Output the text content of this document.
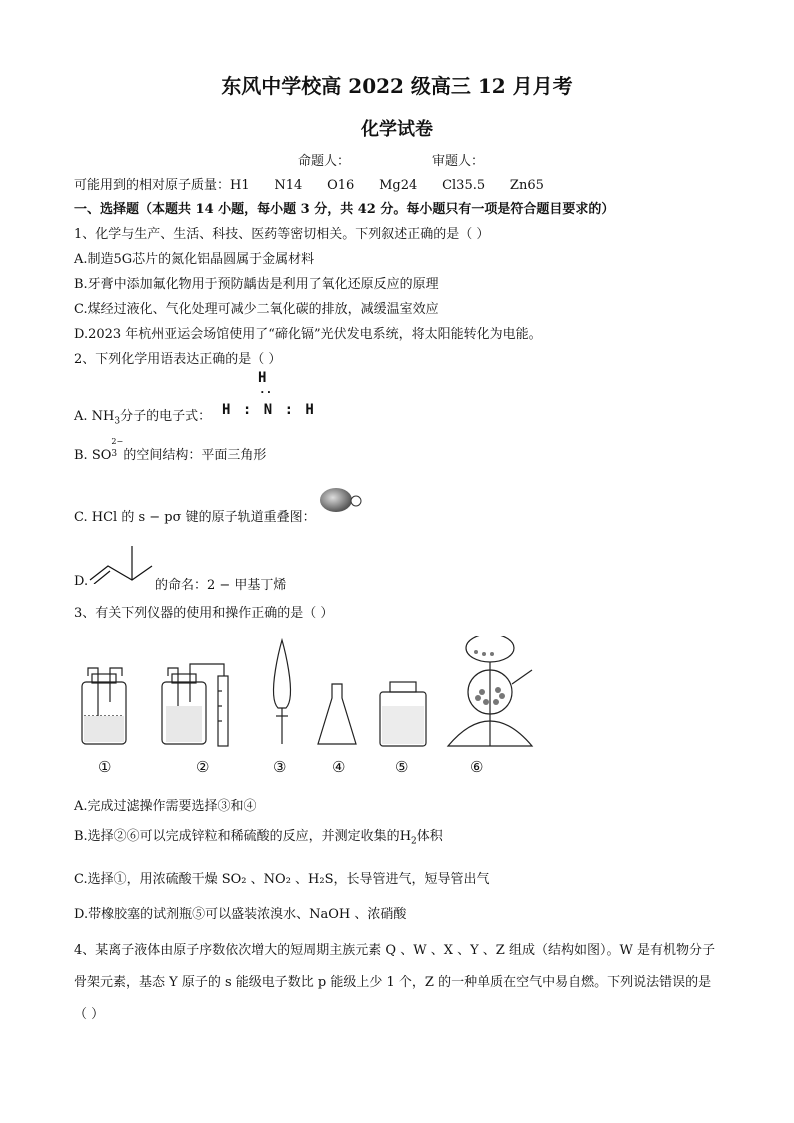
东风中学校高 2022 级高三 12 月月考
化学试卷
命题人：	审题人：
可能用到的相对原子质量：H1      N14      O16      Mg24      Cl35.5      Zn65
一、选择题（本题共 14 小题，每小题 3 分，共 42 分。每小题只有一项是符合题目要求的）
1、化学与生产、生活、科技、医药等密切相关。下列叙述正确的是（ ）
A.制造5G芯片的氮化铝晶圆属于金属材料
B.牙膏中添加氟化物用于预防龋齿是利用了氧化还原反应的原理
C.煤经过液化、气化处理可减少二氧化碳的排放，减缓温室效应
D.2023 年杭州亚运会场馆使用了“碲化镉”光伏发电系统，将太阳能转化为电能。
2、下列化学用语表达正确的是（ ）
A. $NH_3$分子的电子式：
H
··
H : N : H
B. SO
2−
3 的空间结构：平面三角形
C. HCl 的 s − pσ 键的原子轨道重叠图：
D.	的命名：2 − 甲基丁烯
3、有关下列仪器的使用和操作正确的是（ ）
①	②	③	④	⑤	⑥
A.完成过滤操作需要选择③和④
B.选择②⑥可以完成锌粒和稀硫酸的反应，并测定收集的$H_2$体积
C.选择①，用浓硫酸干燥 SO₂ 、NO₂ 、H₂S，长导管进气，短导管出气
D.带橡胶塞的试剂瓶⑤可以盛装浓溴水、NaOH 、浓硝酸
4、某离子液体由原子序数依次增大的短周期主族元素 Q 、W 、X 、Y 、Z 组成（结构如图）。W 是有机物分子骨架元素，基态 Y 原子的 s 能级电子数比 p 能级上少 1 个，Z 的一种单质在空气中易自燃。下列说法错误的是（ ）
